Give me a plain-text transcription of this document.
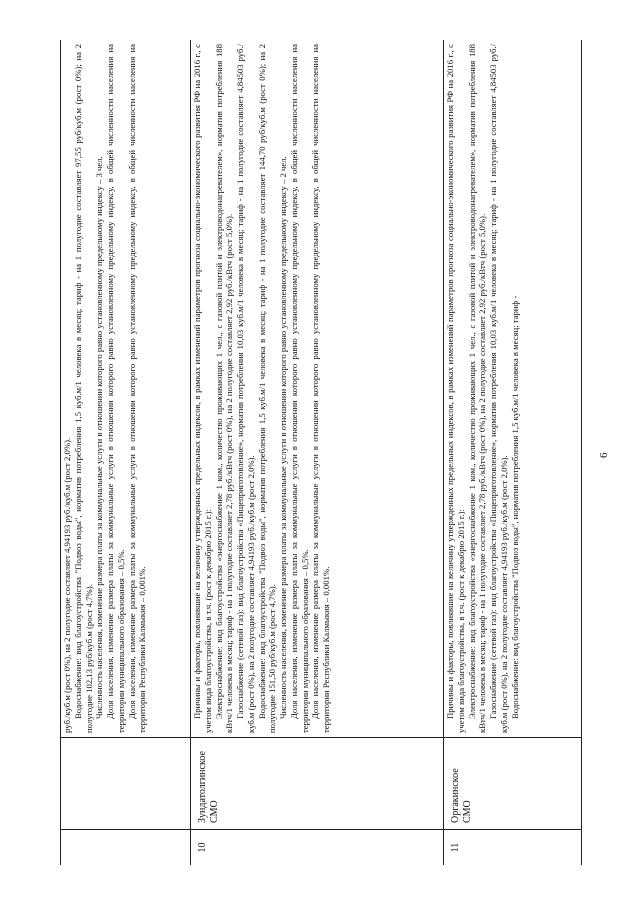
6

руб./куб.м (рост 0%), на 2 полугодие составляет 4,94193 руб./куб.м (рост 2,0%). Водоснабжение: вид благоустройства "Подвоз воды", норматив потребления 1,5 куб.м/1 человека в месяц; тариф - на 1 полугодие составляет 97,55 руб/куб.м (рост 0%); на 2 полугодие 102,13 руб/куб.м (рост 4,7%). Численность населения, изменение размера платы за коммунальные услуги в отношении которого равно установленному предельному индексу – 3 чел. Доля населения, изменение размера платы за коммунальные услуги в отношении которого равно установленному предельному индексу, в общей численности населения на территории муниципального образования – 0,5%. Доля населения, изменение размера платы за коммунальные услуги в отношении которого равно установленному предельному индексу, в общей численности населения на территории Республики Калмыкия – 0,001%.

10
Зундатолгинское СМО

Причины и факторы, повлиявшие на величину утвержденных предельных индексов, в рамках изменений параметров прогноза социально-экономического развития РФ на 2016 г., с учетом вида благоустройства, в т.ч. (рост к декабрю 2015 г.): Электроснабжение: вид благоустройства «энергоснабжение 1 ком., количество проживающих 1 чел., с газовой плитой и электроводонагревателем», норматив потребления 188 кВтч/1 человека в месяц; тариф - на 1 полугодие составляет 2,78 руб./кВтч (рост 0%), на 2 полугодие составляет 2,92 руб./кВтч (рост 5,0%). Газоснабжение (сетевой газ): вид благоустройства «Пищеприготовление», норматив потребления 10,03 куб.м/1 человека в месяц; тариф - на 1 полугодие составляет 4,84503 руб./куб.м (рост 0%), на 2 полугодие составляет 4,94193 руб./куб.м (рост 2,0%). Водоснабжение: вид благоустройства "Подвоз воды", норматив потребления 1,5 куб.м/1 человека в месяц; тариф - на 1 полугодие составляет 144,70 руб/куб.м (рост 0%); на 2 полугодие 151,50 руб/куб.м (рост 4,7%). Численность населения, изменение размера платы за коммунальные услуги в отношении которого равно установленному предельному индексу – 2 чел. Доля населения, изменение размера платы за коммунальные услуги в отношении которого равно установленному предельному индексу, в общей численности населения на территории муниципального образования – 0,5%. Доля населения, изменение размера платы за коммунальные услуги в отношении которого равно установленному предельному индексу, в общей численности населения на территории Республики Калмыкия – 0,001%.

11
Оргакинское СМО

Причины и факторы, повлиявшие на величину утвержденных предельных индексов, в рамках изменений параметров прогноза социально-экономического развития РФ на 2016 г., с учетом вида благоустройства, в т.ч. (рост к декабрю 2015 г.): Электроснабжение: вид благоустройства «энергоснабжение 1 ком., количество проживающих 1 чел., с газовой плитой и электроводонагревателем», норматив потребления 188 кВтч/1 человека в месяц; тариф - на 1 полугодие составляет 2,78 руб./кВтч (рост 0%), на 2 полугодие составляет 2,92 руб./кВтч (рост 5,0%). Газоснабжение (сетевой газ): вид благоустройства «Пищеприготовление», норматив потребления 10,03 куб.м/1 человека в месяц; тариф - на 1 полугодие составляет 4,84503 руб./куб.м (рост 0%), на 2 полугодие составляет 4,94193 руб./куб.м (рост 2,0%). Водоснабжение: вид благоустройства "Подвоз воды", норматив потребления 1,5 куб.м/1 человека в месяц; тариф -
